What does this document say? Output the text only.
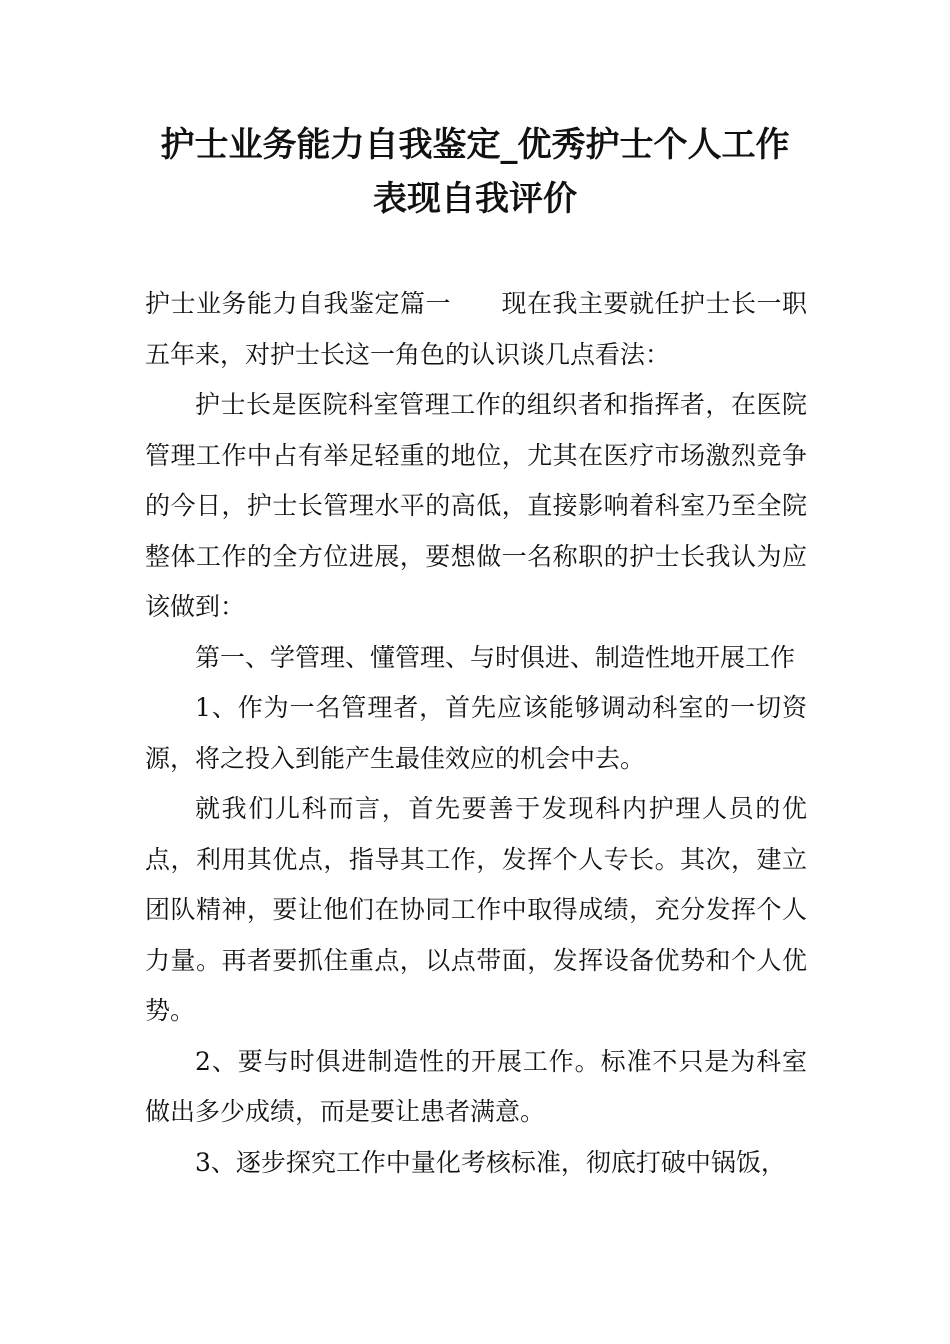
护士业务能力自我鉴定_优秀护士个人工作
表现自我评价

护士业务能力自我鉴定篇一 现在我主要就任护士长一职五年来，对护士长这一角色的认识谈几点看法：

护士长是医院科室管理工作的组织者和指挥者，在医院管理工作中占有举足轻重的地位，尤其在医疗市场激烈竞争的今日，护士长管理水平的高低，直接影响着科室乃至全院整体工作的全方位进展，要想做一名称职的护士长我认为应该做到：

第一、学管理、懂管理、与时俱进、制造性地开展工作

1、作为一名管理者，首先应该能够调动科室的一切资源，将之投入到能产生最佳效应的机会中去。

就我们儿科而言，首先要善于发现科内护理人员的优点，利用其优点，指导其工作，发挥个人专长。其次，建立团队精神，要让他们在协同工作中取得成绩，充分发挥个人力量。再者要抓住重点，以点带面，发挥设备优势和个人优势。

2、要与时俱进制造性的开展工作。标准不只是为科室做出多少成绩，而是要让患者满意。

3、逐步探究工作中量化考核标准，彻底打破中锅饭，
